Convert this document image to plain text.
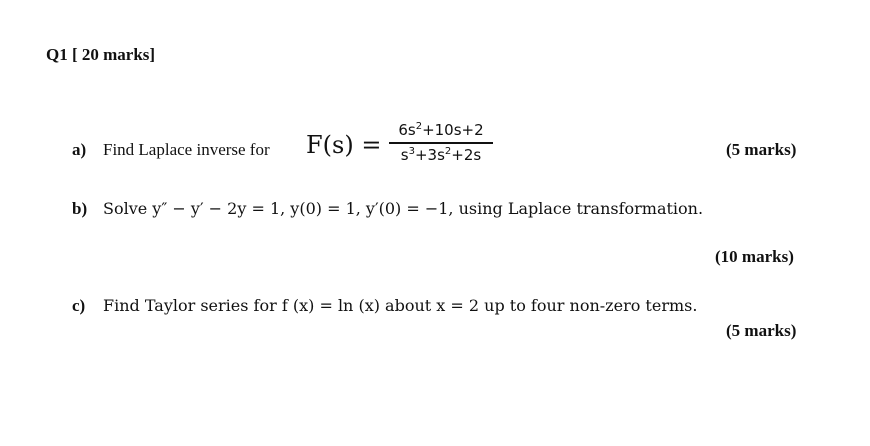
Q1 [ 20 marks]
a) Find Laplace inverse for F(s) =
$6s^2+10s+2$
$s^3+3s^2+2s$	(5 marks)
b) Solve y″ − y′ − 2y = 1, y(0) = 1, y′(0) = −1, using Laplace transformation.
(10 marks)
c) Find Taylor series for f (x) = ln (x) about x = 2 up to four non-zero terms.
(5 marks)
